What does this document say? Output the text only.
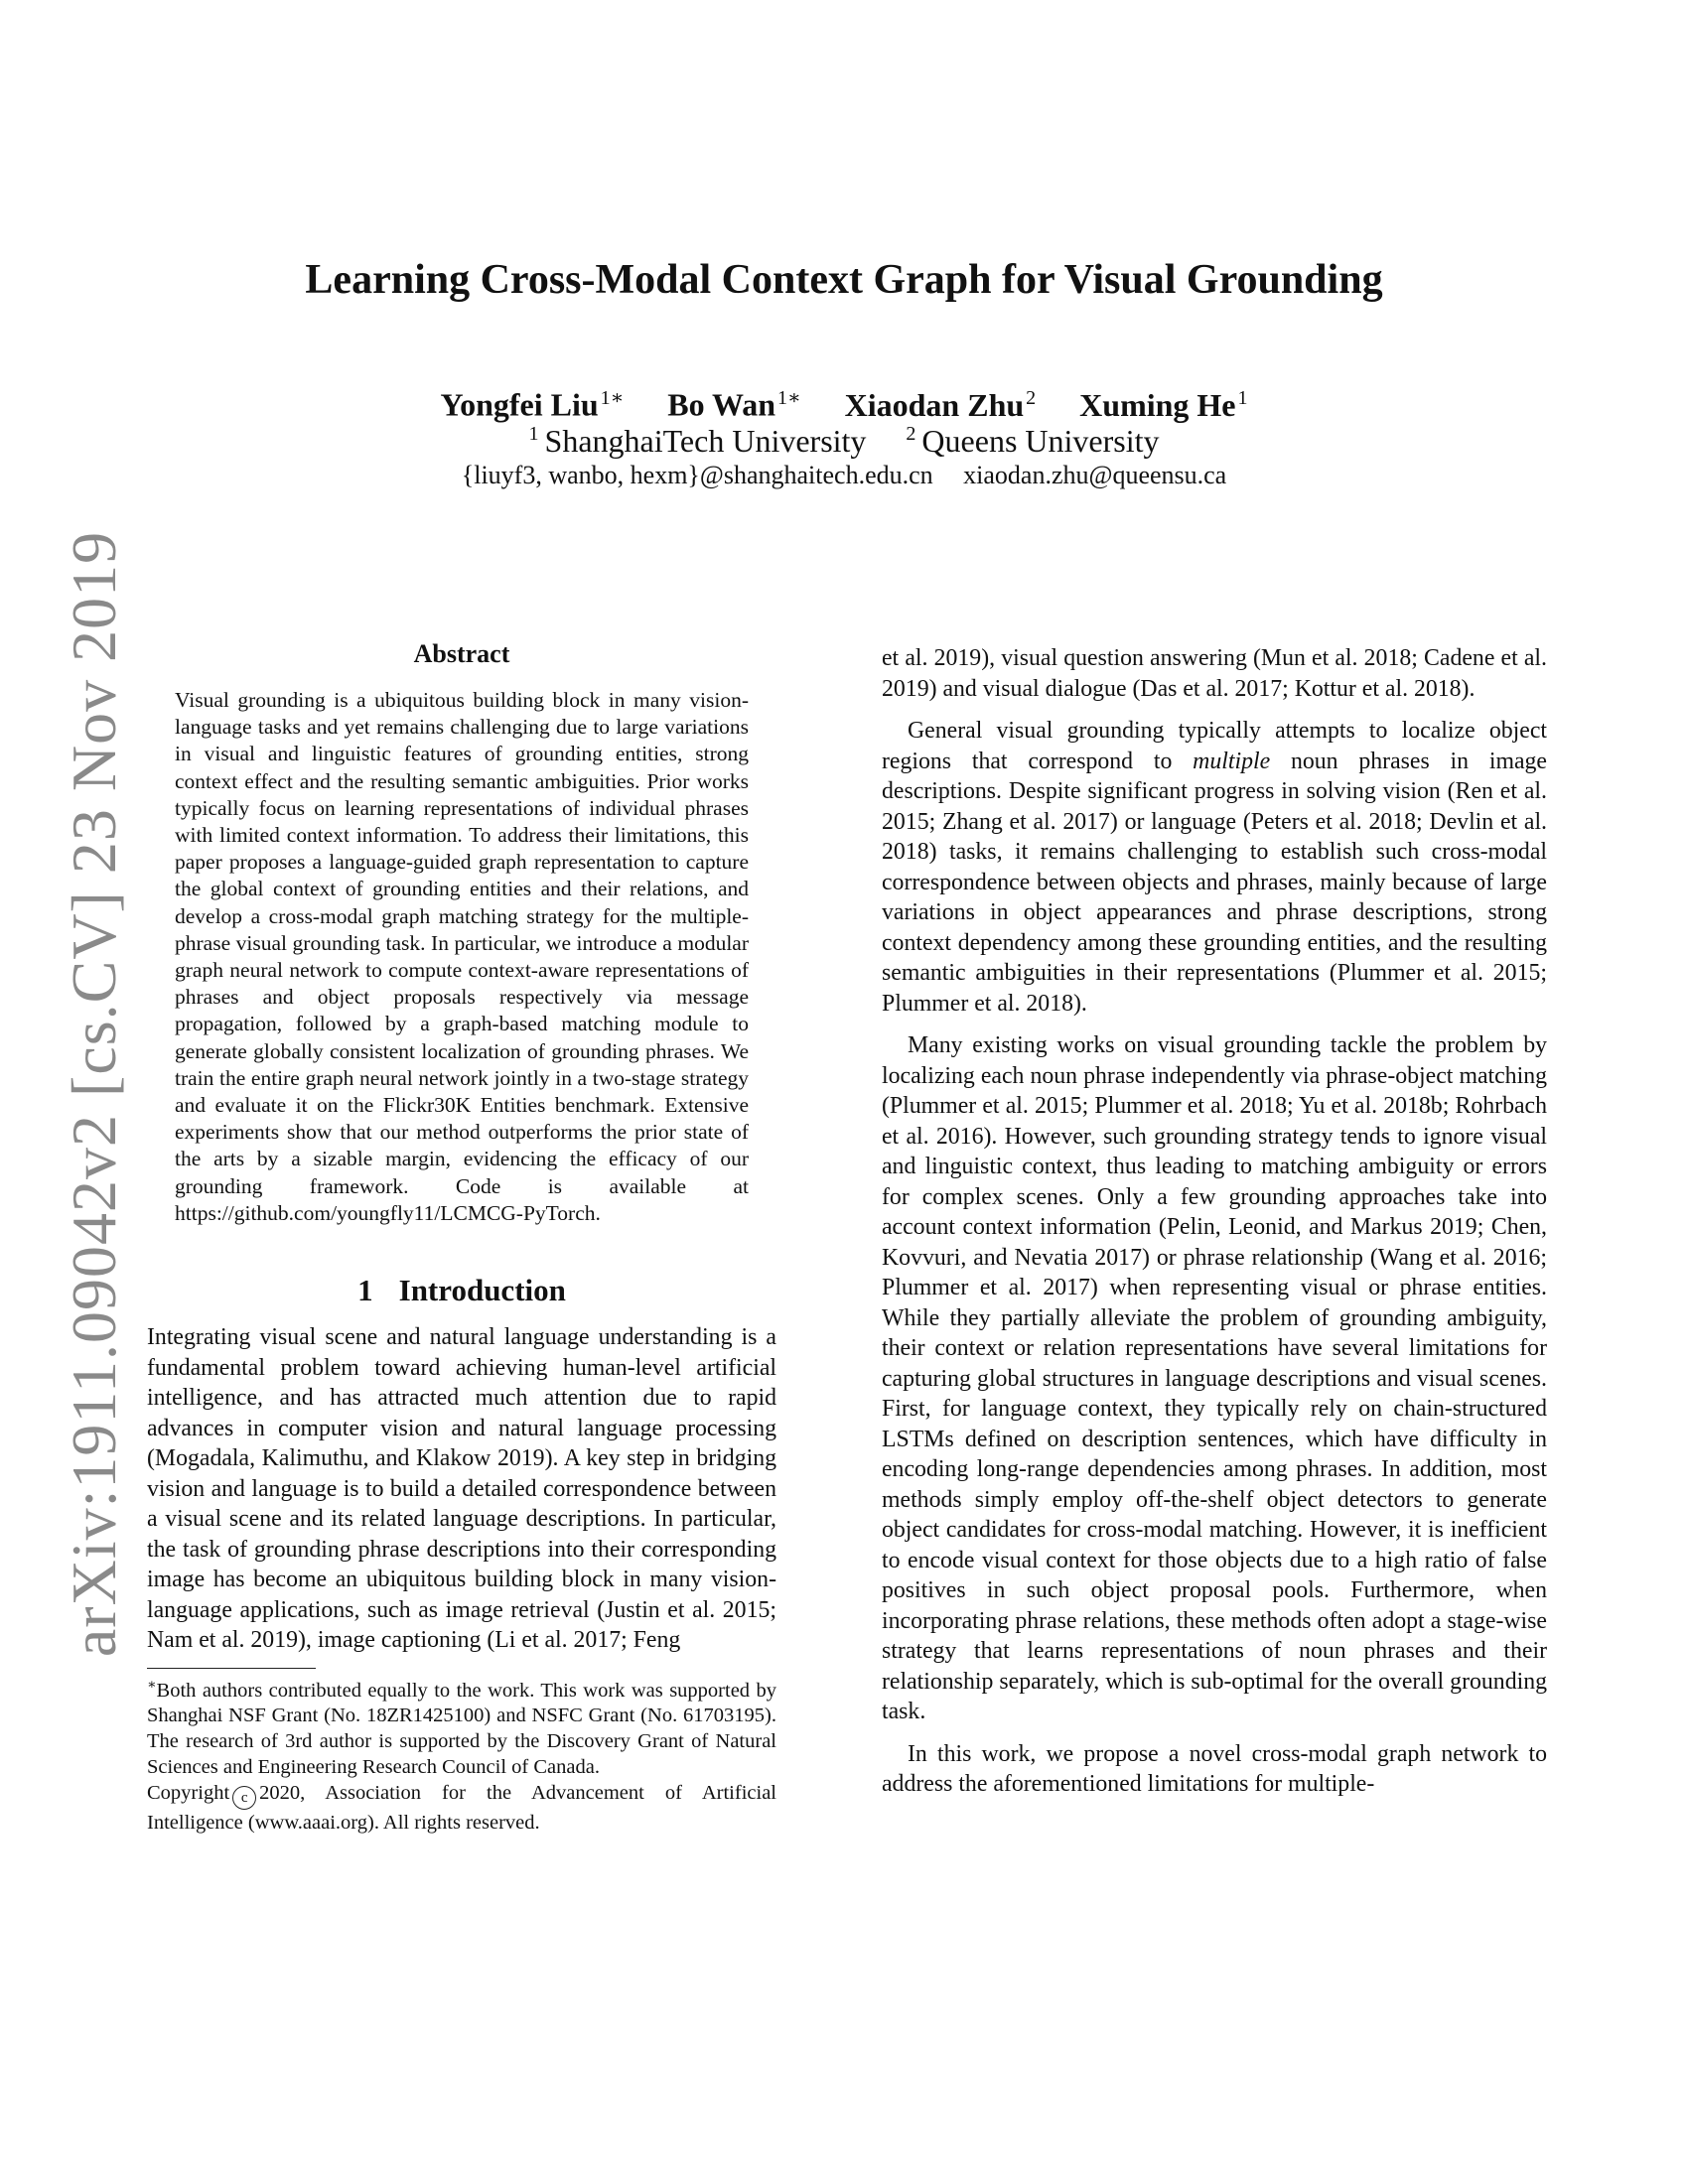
arXiv:1911.09042v2 [cs.CV] 23 Nov 2019
Learning Cross-Modal Context Graph for Visual Grounding
Yongfei Liu $^{1∗}$ Bo Wan $^{1∗}$ Xiaodan Zhu $^2$ Xuming He $^1$
$^1$ ShanghaiTech University $^2$ Queens University
{liuyf3, wanbo, hexm}@shanghaitech.edu.cn xiaodan.zhu@queensu.ca
Abstract

Visual grounding is a ubiquitous building block in many vision-language tasks and yet remains challenging due to large variations in visual and linguistic features of grounding entities, strong context effect and the resulting semantic ambiguities. Prior works typically focus on learning representations of individual phrases with limited context information. To address their limitations, this paper proposes a language-guided graph representation to capture the global context of grounding entities and their relations, and develop a cross-modal graph matching strategy for the multiple-phrase visual grounding task. In particular, we introduce a modular graph neural network to compute context-aware representations of phrases and object proposals respectively via message propagation, followed by a graph-based matching module to generate globally consistent localization of grounding phrases. We train the entire graph neural network jointly in a two-stage strategy and evaluate it on the Flickr30K Entities benchmark. Extensive experiments show that our method outperforms the prior state of the arts by a sizable margin, evidencing the efficacy of our grounding framework. Code is available at https://github.com/youngfly11/LCMCG-PyTorch.

1 Introduction

Integrating visual scene and natural language understanding is a fundamental problem toward achieving human-level artificial intelligence, and has attracted much attention due to rapid advances in computer vision and natural language processing (Mogadala, Kalimuthu, and Klakow 2019). A key step in bridging vision and language is to build a detailed correspondence between a visual scene and its related language descriptions. In particular, the task of grounding phrase descriptions into their corresponding image has become an ubiquitous building block in many vision-language applications, such as image retrieval (Justin et al. 2015; Nam et al. 2019), image captioning (Li et al. 2017; Feng

∗Both authors contributed equally to the work. This work was supported by Shanghai NSF Grant (No. 18ZR1425100) and NSFC Grant (No. 61703195). The research of 3rd author is supported by the Discovery Grant of Natural Sciences and Engineering Research Council of Canada.

Copyright c 2020, Association for the Advancement of Artificial Intelligence (www.aaai.org). All rights reserved.

et al. 2019), visual question answering (Mun et al. 2018; Cadene et al. 2019) and visual dialogue (Das et al. 2017; Kottur et al. 2018).

General visual grounding typically attempts to localize object regions that correspond to multiple noun phrases in image descriptions. Despite significant progress in solving vision (Ren et al. 2015; Zhang et al. 2017) or language (Peters et al. 2018; Devlin et al. 2018) tasks, it remains challenging to establish such cross-modal correspondence between objects and phrases, mainly because of large variations in object appearances and phrase descriptions, strong context dependency among these grounding entities, and the resulting semantic ambiguities in their representations (Plummer et al. 2015; Plummer et al. 2018).

Many existing works on visual grounding tackle the problem by localizing each noun phrase independently via phrase-object matching (Plummer et al. 2015; Plummer et al. 2018; Yu et al. 2018b; Rohrbach et al. 2016). However, such grounding strategy tends to ignore visual and linguistic context, thus leading to matching ambiguity or errors for complex scenes. Only a few grounding approaches take into account context information (Pelin, Leonid, and Markus 2019; Chen, Kovvuri, and Nevatia 2017) or phrase relationship (Wang et al. 2016; Plummer et al. 2017) when representing visual or phrase entities. While they partially alleviate the problem of grounding ambiguity, their context or relation representations have several limitations for capturing global structures in language descriptions and visual scenes. First, for language context, they typically rely on chain-structured LSTMs defined on description sentences, which have difficulty in encoding long-range dependencies among phrases. In addition, most methods simply employ off-the-shelf object detectors to generate object candidates for cross-modal matching. However, it is inefficient to encode visual context for those objects due to a high ratio of false positives in such object proposal pools. Furthermore, when incorporating phrase relations, these methods often adopt a stage-wise strategy that learns representations of noun phrases and their relationship separately, which is sub-optimal for the overall grounding task.

In this work, we propose a novel cross-modal graph network to address the aforementioned limitations for multiple-
